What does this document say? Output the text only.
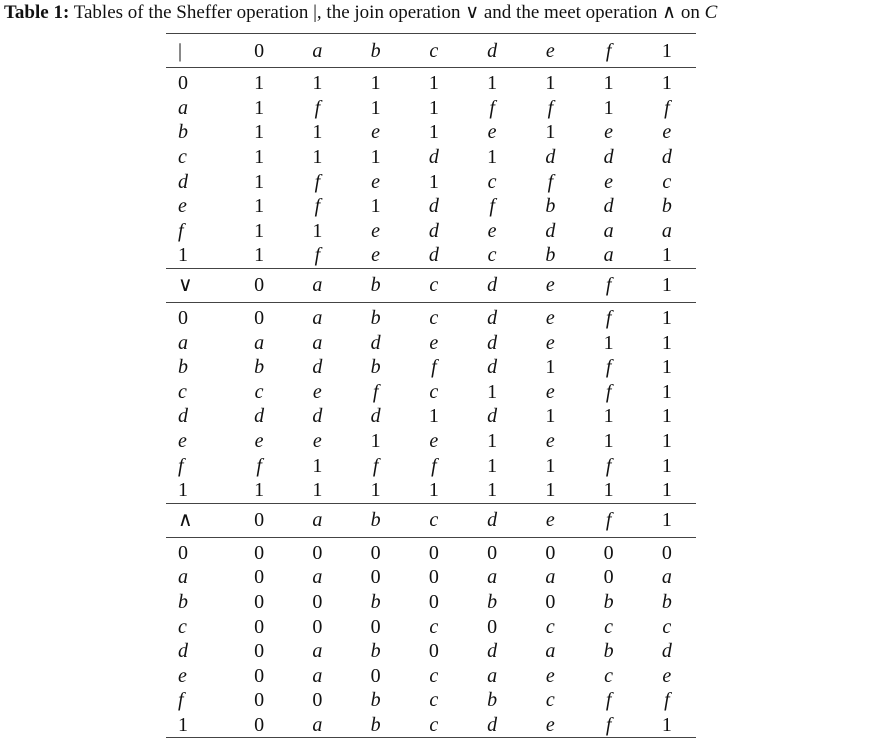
Table 1: Tables of the Sheffer operation |, the join operation ∨ and the meet operation ∧ on C
|	0	a	b	c	d	e	f	1
0	1	1	1	1	1	1	1	1
a	1	f	1	1	f	f	1	f
b	1	1	e	1	e	1	e	e
c	1	1	1	d	1	d	d	d
d	1	f	e	1	c	f	e	c
e	1	f	1	d	f	b	d	b
f	1	1	e	d	e	d	a	a
1	1	f	e	d	c	b	a	1
∨	0	a	b	c	d	e	f	1
0	0	a	b	c	d	e	f	1
a	a	a	d	e	d	e	1	1
b	b	d	b	f	d	1	f	1
c	c	e	f	c	1	e	f	1
d	d	d	d	1	d	1	1	1
e	e	e	1	e	1	e	1	1
f	f	1	f	f	1	1	f	1
1	1	1	1	1	1	1	1	1
∧	0	a	b	c	d	e	f	1
0	0	0	0	0	0	0	0	0
a	0	a	0	0	a	a	0	a
b	0	0	b	0	b	0	b	b
c	0	0	0	c	0	c	c	c
d	0	a	b	0	d	a	b	d
e	0	a	0	c	a	e	c	e
f	0	0	b	c	b	c	f	f
1	0	a	b	c	d	e	f	1
